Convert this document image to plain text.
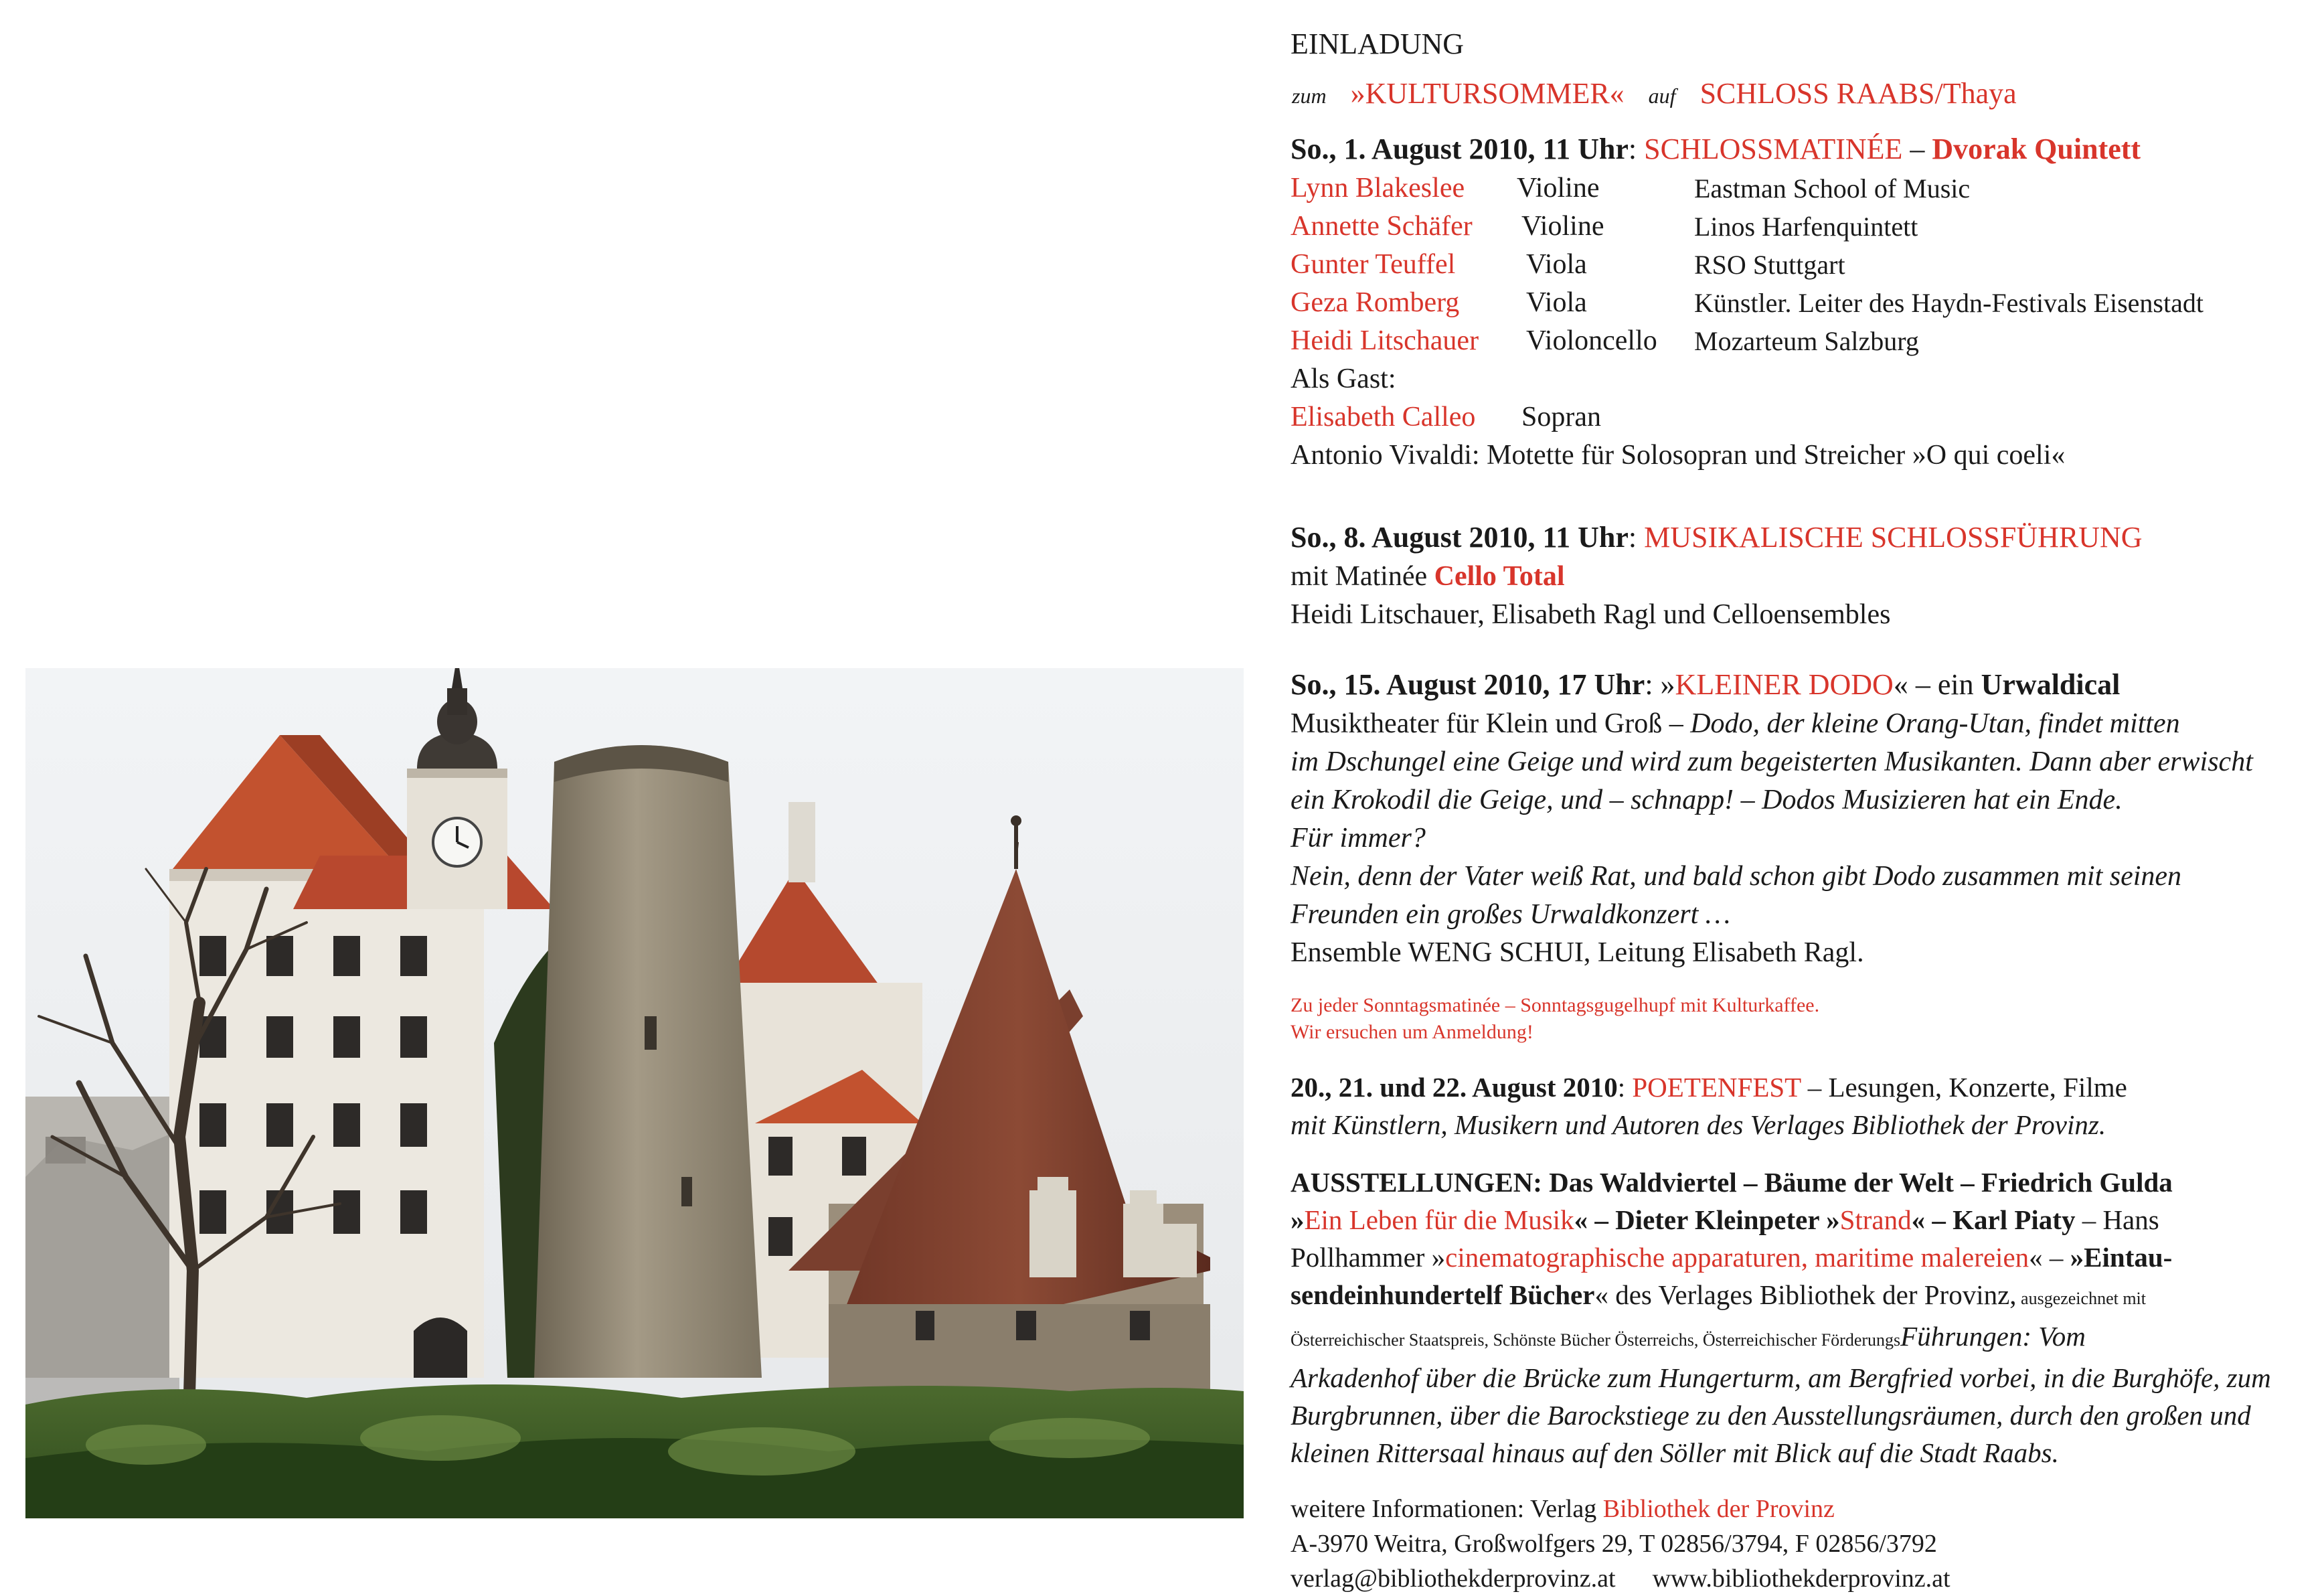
EINLADUNG

zum »KULTURSOMMER« auf SCHLOSS RAABS/Thaya

So., 1. August 2010, 11 Uhr: SCHLOSSMATINÉE – Dvorak Quintett

Lynn Blakeslee	Violine	Eastman School of Music
Annette Schäfer	Violine	Linos Harfenquintett
Gunter Teuffel	Viola	RSO Stuttgart
Geza Romberg	Viola	Künstler. Leiter des Haydn-Festivals Eisenstadt
Heidi Litschauer	Violoncello	Mozarteum Salzburg

Als Gast:

Elisabeth Calleo	Sopran

Antonio Vivaldi: Motette für Solosopran und Streicher »O qui coeli«

So., 8. August 2010, 11 Uhr: MUSIKALISCHE SCHLOSSFÜHRUNG

mit Matinée Cello Total

Heidi Litschauer, Elisabeth Ragl und Celloensembles

So., 15. August 2010, 17 Uhr: »KLEINER DODO« – ein Urwaldical

Musiktheater für Klein und Groß – Dodo, der kleine Orang-Utan, findet mitten

im Dschungel eine Geige und wird zum begeisterten Musikanten. Dann aber erwischt

ein Krokodil die Geige, und – schnapp! – Dodos Musizieren hat ein Ende.

Für immer?

Nein, denn der Vater weiß Rat, und bald schon gibt Dodo zusammen mit seinen

Freunden ein großes Urwaldkonzert …

Ensemble WENG SCHUI, Leitung Elisabeth Ragl.

Zu jeder Sonntagsmatinée – Sonntagsgugelhupf mit Kulturkaffee.

Wir ersuchen um Anmeldung!

20., 21. und 22. August 2010: POETENFEST – Lesungen, Konzerte, Filme

mit Künstlern, Musikern und Autoren des Verlages Bibliothek der Provinz.

AUSSTELLUNGEN: Das Waldviertel – Bäume der Welt – Friedrich Gulda

»Ein Leben für die Musik« – Dieter Kleinpeter »Strand« – Karl Piaty – Hans

Pollhammer »cinematographische apparaturen, maritime malereien« – »Eintau-

sendeinhundertelf Bücher« des Verlages Bibliothek der Provinz, ausgezeichnet mit

Österreichischer Staatspreis, Schönste Bücher Österreichs, Österreichischer FörderungsFührungen: Vom

Arkadenhof über die Brücke zum Hungerturm, am Bergfried vorbei, in die Burghöfe, zum

Burgbrunnen, über die Barockstiege zu den Ausstellungsräumen, durch den großen und

kleinen Rittersaal hinaus auf den Söller mit Blick auf die Stadt Raabs.

weitere Informationen: Verlag Bibliothek der Provinz

A-3970 Weitra, Großwolfgers 29, T 02856/3794, F 02856/3792

verlag@bibliothekderprovinz.at www.bibliothekderprovinz.at
